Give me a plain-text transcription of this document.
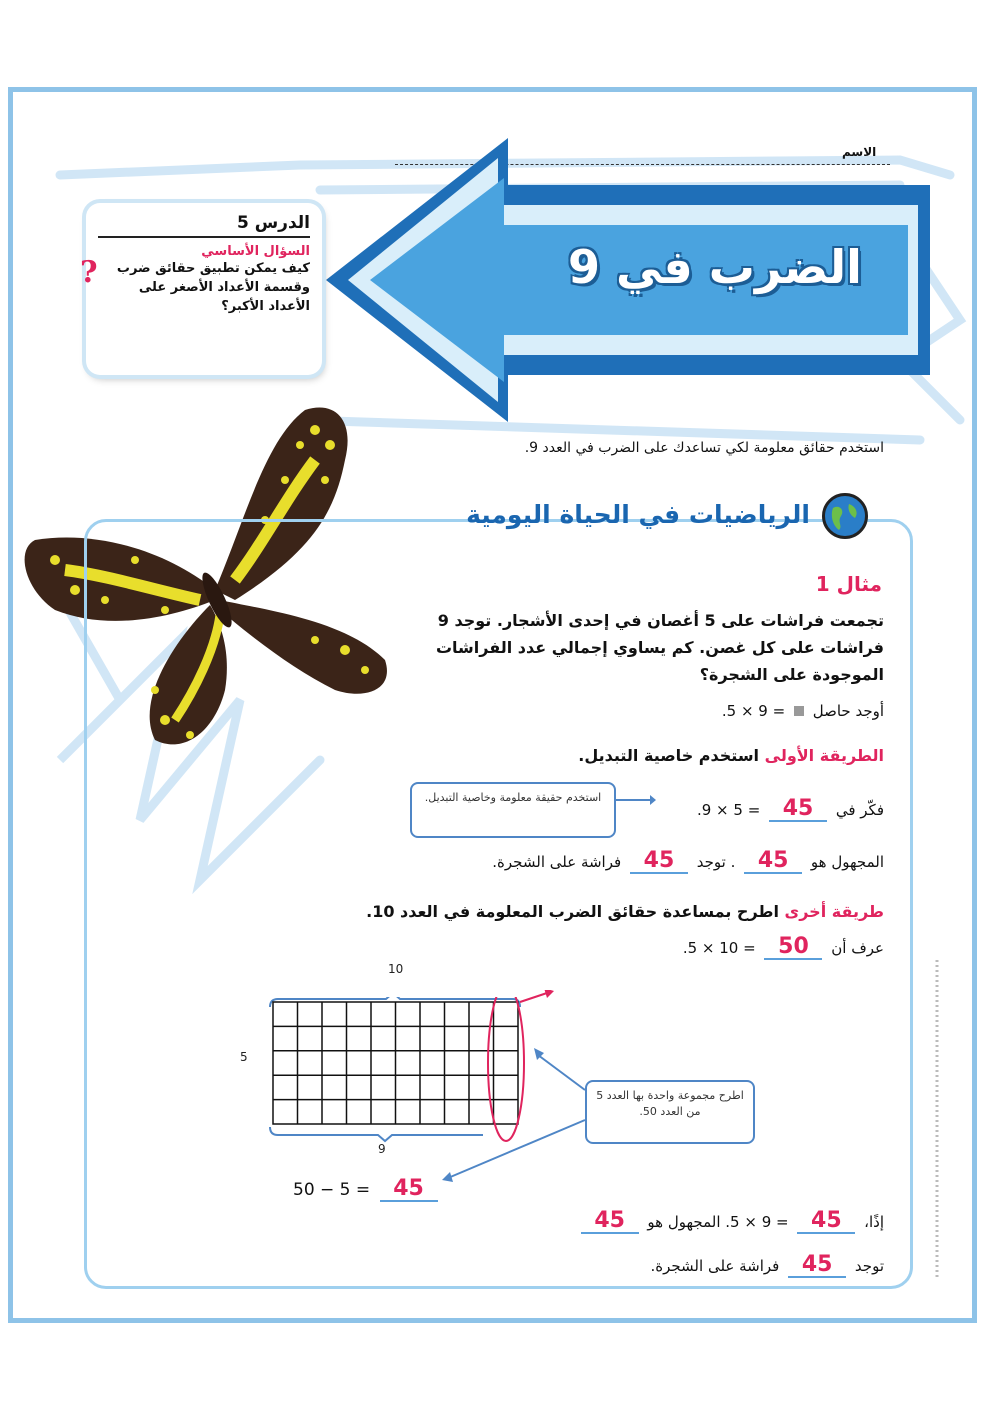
الاسم
الضرب في 9
الدرس 5
السؤال الأساسي
كيف يمكن تطبيق حقائق ضرب وقسمة الأعداد الأصغر على الأعداد الأكبر؟
?
استخدم حقائق معلومة لكي تساعدك على الضرب في العدد 9.
الرياضيات في الحياة اليومية
مثال 1
تجمعت فراشات على 5 أغصان في إحدى الأشجار. توجد 9 فراشات على كل غصن. كم يساوي إجمالي عدد الفراشات الموجودة على الشجرة؟
أوجد حاصل  = 9 × 5.
الطريقة الأولى استخدم خاصية التبديل.
استخدم حقيقة معلومة وخاصية التبديل.
فكّر في 45 = 5 × 9.
المجهول هو 45 . توجد 45 فراشة على الشجرة.
طريقة أخرى اطرح بمساعدة حقائق الضرب المعلومة في العدد 10.
عرف أن 50 = 10 × 5.
10
5
9
اطرح مجموعة واحدة بها العدد 5 من العدد 50.
50 − 5 = 45
إذًا، 45 = 9 × 5. المجهول هو 45
توجد 45 فراشة على الشجرة.
